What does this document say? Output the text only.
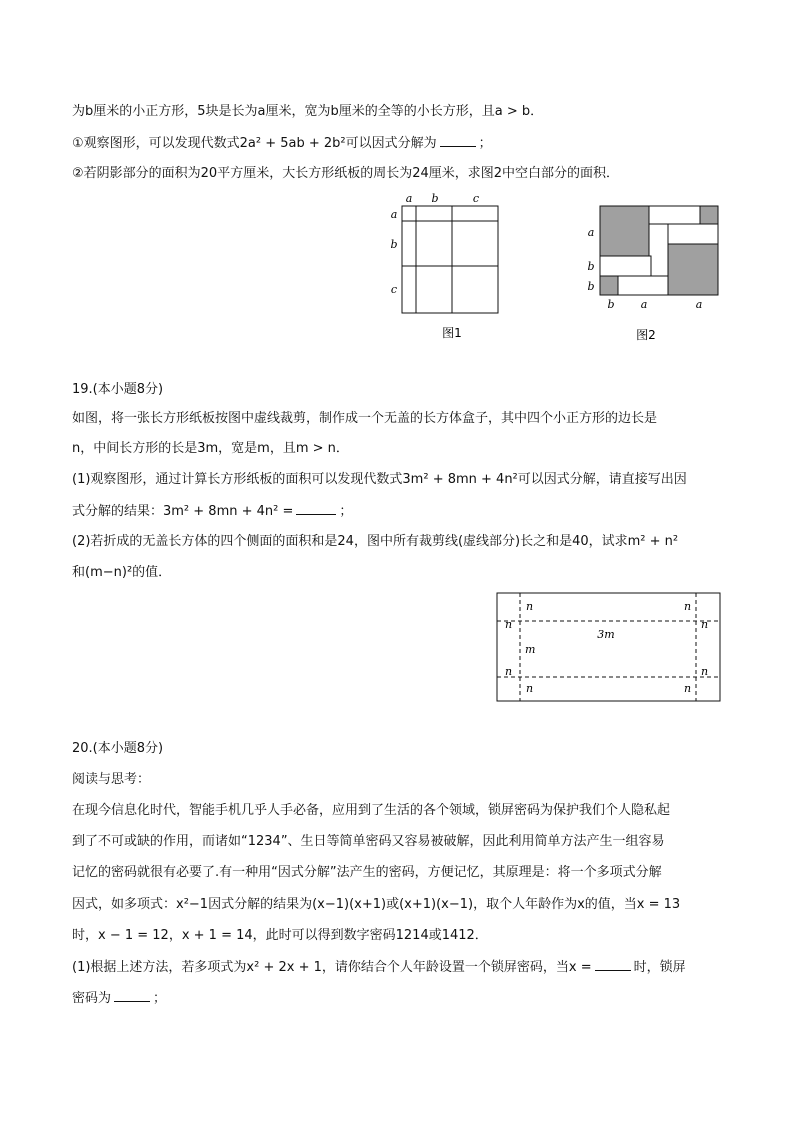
为b厘米的小正方形，5块是长为a厘米，宽为b厘米的全等的小长方形，且a > b．
①观察图形，可以发现代数式2a² + 5ab + 2b²可以因式分解为	；
②若阴影部分的面积为20平方厘米，大长方形纸板的周长为24厘米，求图2中空白部分的面积．
a b	c
a
b
c
图1
a
b
b
b a	a
图2
19.(本小题8分)
如图，将一张长方形纸板按图中虚线裁剪，制作成一个无盖的长方体盒子，其中四个小正方形的边长是
n，中间长方形的长是3m，宽是m，且m > n．
(1)观察图形，通过计算长方形纸板的面积可以发现代数式3m² + 8mn + 4n²可以因式分解，请直接写出因
式分解的结果：3m² + 8mn + 4n² =	；
(2)若折成的无盖长方体的四个侧面的面积和是24，图中所有裁剪线(虚线部分)长之和是40，试求m² + n²
和(m−n)²的值．
n	n
n	n
n	n
n	n
3m
m
20.(本小题8分)
阅读与思考：
在现今信息化时代，智能手机几乎人手必备，应用到了生活的各个领域，锁屏密码为保护我们个人隐私起
到了不可或缺的作用，而诸如“1234”、生日等简单密码又容易被破解，因此利用简单方法产生一组容易
记忆的密码就很有必要了.有一种用“因式分解”法产生的密码，方便记忆，其原理是：将一个多项式分解
因式，如多项式：x²−1因式分解的结果为(x−1)(x+1)或(x+1)(x−1)，取个人年龄作为x的值，当x = 13
时，x − 1 = 12，x + 1 = 14，此时可以得到数字密码1214或1412．
(1)根据上述方法，若多项式为x² + 2x + 1，请你结合个人年龄设置一个锁屏密码，当x =	时，锁屏
密码为	；
